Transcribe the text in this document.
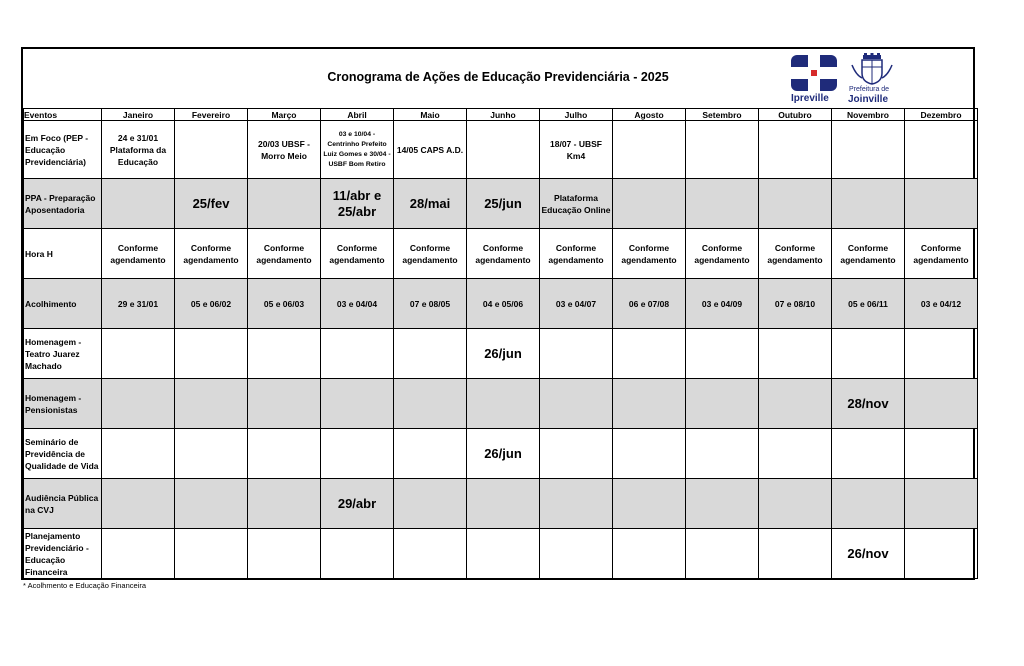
Cronograma de Ações de Educação Previdenciária - 2025
Ipreville
Prefeitura de
Joinville
Eventos	Janeiro	Fevereiro	Março	Abril	Maio	Junho	Julho	Agosto	Setembro	Outubro	Novembro	Dezembro
Em Foco (PEP - Educação Previdenciária)	24 e 31/01 Plataforma da Educação		20/03 UBSF - Morro Meio	03 e 10/04 - Centrinho Prefeito Luiz Gomes e 30/04 - USBF Bom Retiro	14/05 CAPS A.D.		18/07 - UBSF Km4					
PPA - Preparação Aposentadoria		25/fev		11/abr e 25/abr	28/mai	25/jun	Plataforma Educação Online					
Hora H	Conforme agendamento	Conforme agendamento	Conforme agendamento	Conforme agendamento	Conforme agendamento	Conforme agendamento	Conforme agendamento	Conforme agendamento	Conforme agendamento	Conforme agendamento	Conforme agendamento	Conforme agendamento
Acolhimento	29 e 31/01	05 e 06/02	05 e 06/03	03 e 04/04	07 e 08/05	04 e 05/06	03 e 04/07	06 e 07/08	03 e 04/09	07 e 08/10	05 e 06/11	03 e 04/12
Homenagem - Teatro Juarez Machado						26/jun						
Homenagem - Pensionistas											28/nov	
Seminário de Previdência de Qualidade de Vida						26/jun						
Audiência Pública na CVJ				29/abr								
Planejamento Previdenciário - Educação Financeira											26/nov	
* Acolhmento e Educação Financeira
